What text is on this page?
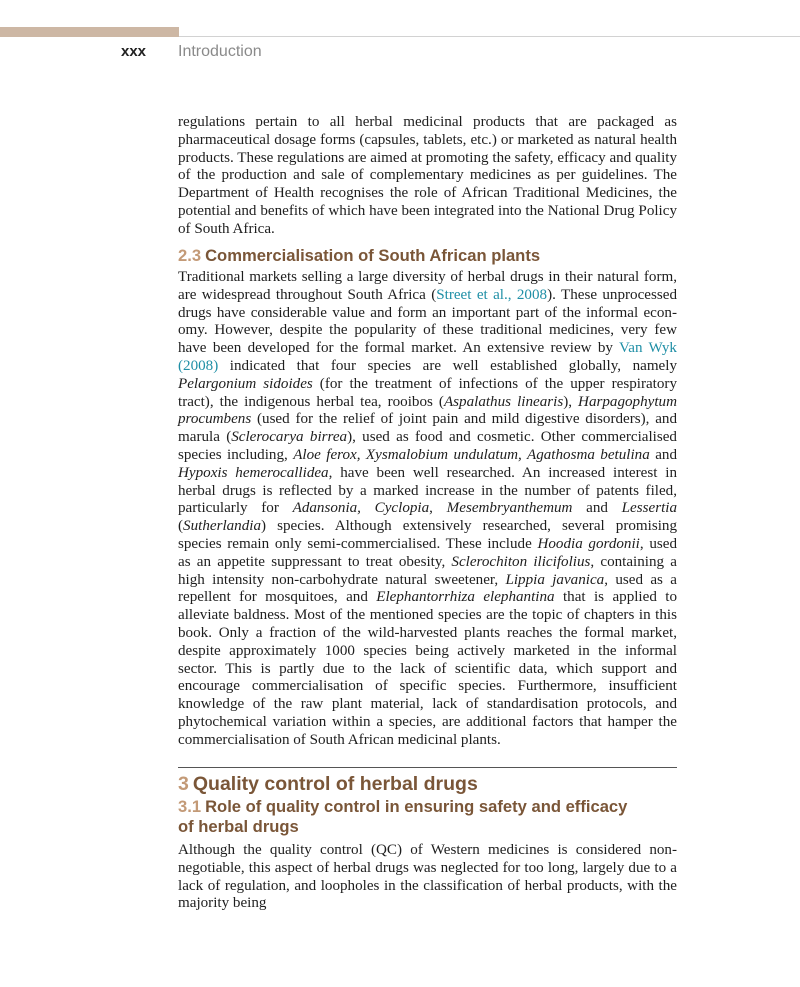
xxx	Introduction

regulations pertain to all herbal medicinal products that are packaged as pharmaceutical dosage forms (capsules, tablets, etc.) or marketed as natural health products. These regulations are aimed at promoting the safety, efficacy and quality of the production and sale of complementary medicines as per guidelines. The Department of Health recognises the role of African Traditional Medicines, the potential and benefits of which have been integrated into the National Drug Policy of South Africa.

2.3 Commercialisation of South African plants

Traditional markets selling a large diversity of herbal drugs in their natural form, are widespread throughout South Africa (Street et al., 2008). These unprocessed drugs have considerable value and form an important part of the informal economy. However, despite the popularity of these traditional medicines, very few have been developed for the formal market. An extensive review by Van Wyk (2008) indicated that four species are well established globally, namely Pelargonium sidoides (for the treatment of infections of the upper respiratory tract), the indigenous herbal tea, rooibos (Aspalathus linearis), Harpagophytum procumbens (used for the relief of joint pain and mild digestive disorders), and marula (Sclerocarya birrea), used as food and cosmetic. Other commercialised species including, Aloe ferox, Xysmalobium undulatum, Agathosma betulina and Hypoxis hemerocallidea, have been well researched. An increased interest in herbal drugs is reflected by a marked increase in the number of patents filed, particularly for Adansonia, Cyclopia, Mesembryanthemum and Lessertia (Sutherlandia) species. Although extensively researched, several promising species remain only semi-commercialised. These include Hoodia gordonii, used as an appetite suppressant to treat obesity, Sclerochiton ilicifolius, containing a high intensity non-carbohydrate natural sweetener, Lippia javanica, used as a repellent for mosquitoes, and Elephantorrhiza elephantina that is applied to alleviate baldness. Most of the mentioned species are the topic of chapters in this book. Only a fraction of the wild-harvested plants reaches the formal market, despite approximately 1000 species being actively marketed in the informal sector. This is partly due to the lack of scientific data, which support and encourage commercialisation of specific species. Furthermore, insufficient knowledge of the raw plant material, lack of standardisation protocols, and phytochemical variation within a species, are additional factors that hamper the commercialisation of South African medicinal plants.

3 Quality control of herbal drugs
3.1 Role of quality control in ensuring safety and efficacy of herbal drugs

Although the quality control (QC) of Western medicines is considered non-negotiable, this aspect of herbal drugs was neglected for too long, largely due to a lack of regulation, and loopholes in the classification of herbal products, with the majority being
